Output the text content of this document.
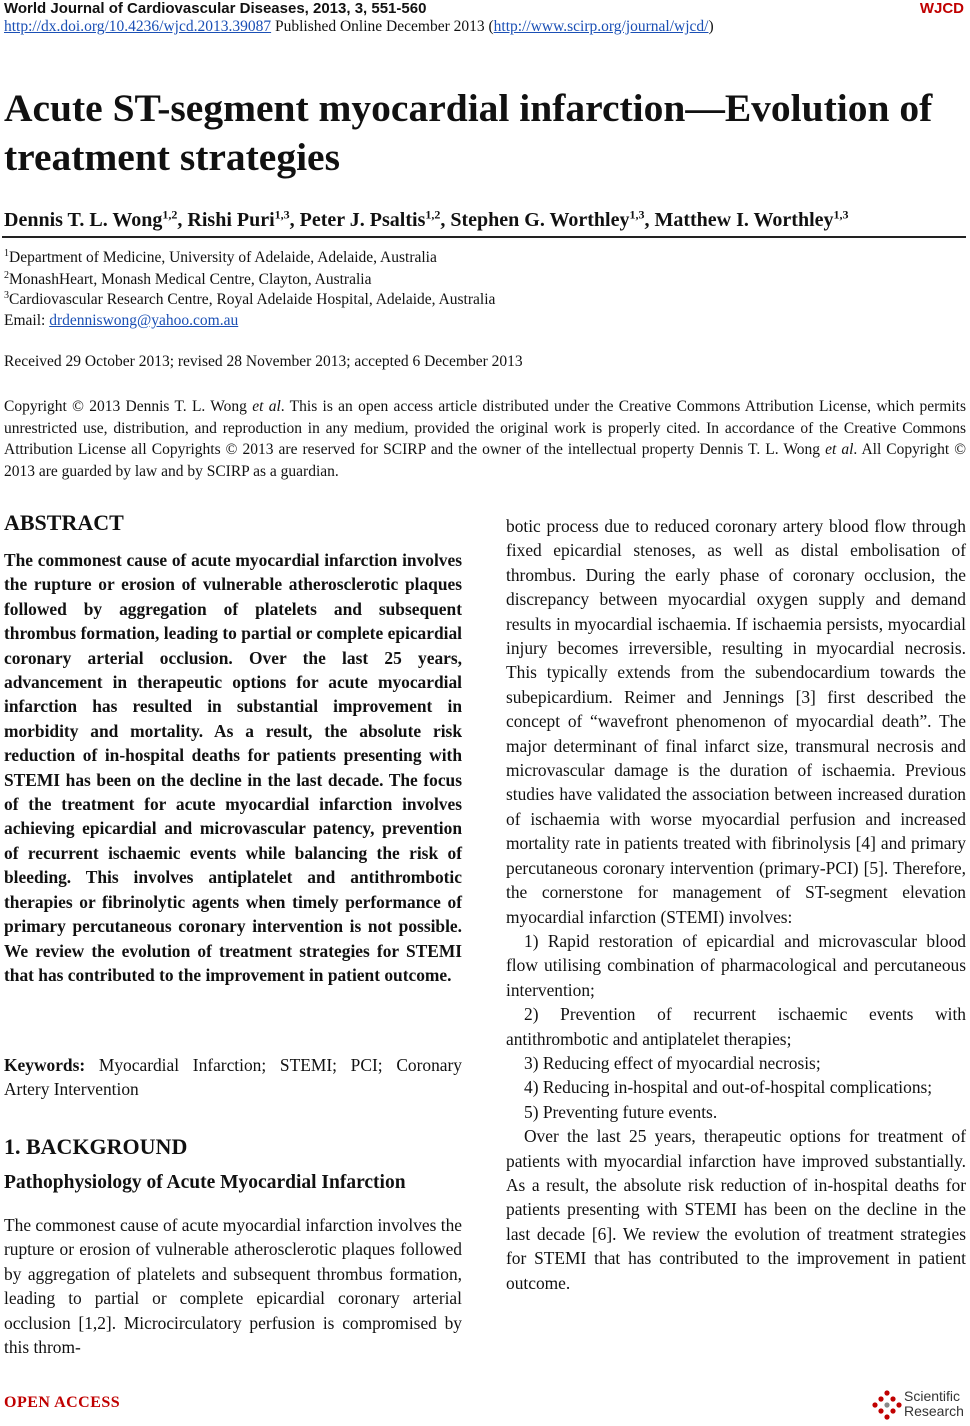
World Journal of Cardiovascular Diseases, 2013, 3, 551-560	WJCD
http://dx.doi.org/10.4236/wjcd.2013.39087 Published Online December 2013 (http://www.scirp.org/journal/wjcd/)
Acute ST-segment myocardial infarction—Evolution of treatment strategies
Dennis T. L. Wong$^{1,2}$, Rishi Puri$^{1,3}$, Peter J. Psaltis$^{1,2}$, Stephen G. Worthley$^{1,3}$, Matthew I. Worthley$^{1,3}$
$^1$Department of Medicine, University of Adelaide, Adelaide, Australia
$^2$MonashHeart, Monash Medical Centre, Clayton, Australia
$^3$Cardiovascular Research Centre, Royal Adelaide Hospital, Adelaide, Australia
Email: drdenniswong@yahoo.com.au
Received 29 October 2013; revised 28 November 2013; accepted 6 December 2013
Copyright © 2013 Dennis T. L. Wong et al. This is an open access article distributed under the Creative Commons Attribution License, which permits unrestricted use, distribution, and reproduction in any medium, provided the original work is properly cited. In accordance of the Creative Commons Attribution License all Copyrights © 2013 are reserved for SCIRP and the owner of the intellectual property Dennis T. L. Wong et al. All Copyright © 2013 are guarded by law and by SCIRP as a guardian.
ABSTRACT
The commonest cause of acute myocardial infarction involves the rupture or erosion of vulnerable atherosclerotic plaques followed by aggregation of platelets and subsequent thrombus formation, leading to partial or complete epicardial coronary arterial occlusion. Over the last 25 years, advancement in therapeutic options for acute myocardial infarction has resulted in substantial improvement in morbidity and mortality. As a result, the absolute risk reduction of in-hospital deaths for patients presenting with STEMI has been on the decline in the last decade. The focus of the treatment for acute myocardial infarction involves achieving epicardial and microvascular patency, prevention of recurrent ischaemic events while balancing the risk of bleeding. This involves antiplatelet and antithrombotic therapies or fibrinolytic agents when timely performance of primary percutaneous coronary intervention is not possible. We review the evolution of treatment strategies for STEMI that has contributed to the improvement in patient outcome.
Keywords: Myocardial Infarction; STEMI; PCI; Coronary Artery Intervention
1. BACKGROUND
Pathophysiology of Acute Myocardial Infarction
The commonest cause of acute myocardial infarction involves the rupture or erosion of vulnerable atherosclerotic plaques followed by aggregation of platelets and subsequent thrombus formation, leading to partial or complete epicardial coronary arterial occlusion [1,2]. Microcirculatory perfusion is compromised by this throm-

botic process due to reduced coronary artery blood flow through fixed epicardial stenoses, as well as distal embolisation of thrombus. During the early phase of coronary occlusion, the discrepancy between myocardial oxygen supply and demand results in myocardial ischaemia. If ischaemia persists, myocardial injury becomes irreversible, resulting in myocardial necrosis. This typically extends from the subendocardium towards the subepicardium. Reimer and Jennings [3] first described the concept of “wavefront phenomenon of myocardial death”. The major determinant of final infarct size, transmural necrosis and microvascular damage is the duration of ischaemia. Previous studies have validated the association between increased duration of ischaemia with worse myocardial perfusion and increased mortality rate in patients treated with fibrinolysis [4] and primary percutaneous coronary intervention (primary-PCI) [5]. Therefore, the cornerstone for management of ST-segment elevation myocardial infarction (STEMI) involves:

1) Rapid restoration of epicardial and microvascular blood flow utilising combination of pharmacological and percutaneous intervention;

2) Prevention of recurrent ischaemic events with antithrombotic and antiplatelet therapies;

3) Reducing effect of myocardial necrosis;

4) Reducing in-hospital and out-of-hospital complications;

5) Preventing future events.

Over the last 25 years, therapeutic options for treatment of patients with myocardial infarction have improved substantially. As a result, the absolute risk reduction of in-hospital deaths for patients presenting with STEMI has been on the decline in the last decade [6]. We review the evolution of treatment strategies for STEMI that has contributed to the improvement in patient outcome.

OPEN ACCESS	Scientific
Research
